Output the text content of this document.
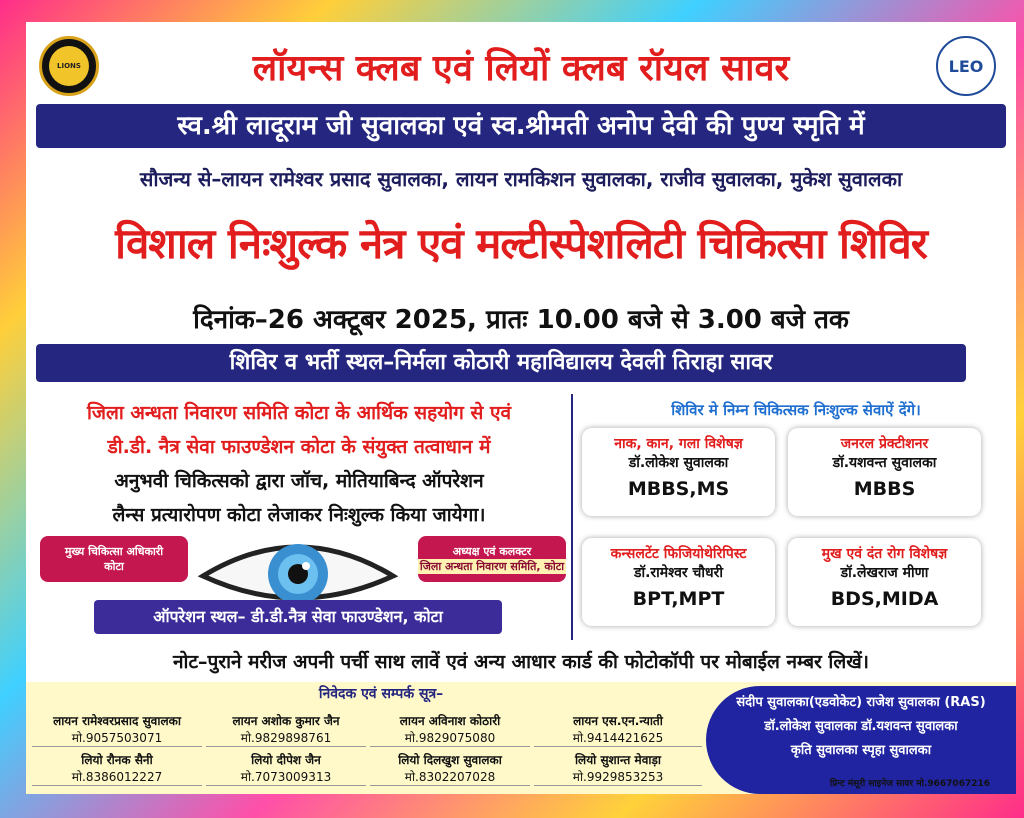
LIONS	लॉयन्स क्लब एवं लियों क्लब रॉयल सावर	LEO
स्व.श्री लादूराम जी सुवालका एवं स्व.श्रीमती अनोप देवी की पुण्य स्मृति में
सौजन्य से–लायन रामेश्वर प्रसाद सुवालका, लायन रामकिशन सुवालका, राजीव सुवालका, मुकेश सुवालका
विशाल निःशुल्क नेत्र एवं मल्टीस्पेशलिटी चिकित्सा शिविर
दिनांक–26 अक्टूबर 2025, प्रातः 10.00 बजे से 3.00 बजे तक
शिविर व भर्ती स्थल–निर्मला कोठारी महाविद्यालय देवली तिराहा सावर
जिला अन्धता निवारण समिति कोटा के आर्थिक सहयोग से एवं
डी.डी. नैत्र सेवा फाउण्डेशन कोटा के संयुक्त तत्वाधान में
अनुभवी चिकित्सको द्वारा जॉच, मोतियाबिन्द ऑपरेशन
लैन्स प्रत्यारोपण कोटा लेजाकर निःशुल्क किया जायेगा।
मुख्य चिकित्सा अधिकारी
कोटा
अध्यक्ष एवं कलक्टर
जिला अन्धता निवारण समिति, कोटा
ऑपरेशन स्थल– डी.डी.नैत्र सेवा फाउण्डेशन, कोटा
शिविर मे निम्न चिकित्सक निःशुल्क सेवाऐं देंगे।
नाक, कान, गला विशेषज्ञ
डॉ.लोकेश सुवालका
MBBS,MS
जनरल प्रेक्टीशनर
डॉ.यशवन्त सुवालका
MBBS
कन्सलटेंट फिजियोथेरिपिस्ट
डॉ.रामेश्वर चौधरी
BPT,MPT
मुख एवं दंत रोग विशेषज्ञ
डॉ.लेखराज मीणा
BDS,MIDA
नोट–पुराने मरीज अपनी पर्ची साथ लावें एवं अन्य आधार कार्ड की फोटोकॉपी पर मोबाईल नम्बर लिखें।
निवेदक एवं सम्पर्क सूत्र–
लायन रामेश्वरप्रसाद सुवालका
मो.9057503071
लियो रौनक सैनी
मो.8386012227
लायन अशोक कुमार जैन
मो.9829898761
लियो दीपेश जैन
मो.7073009313
लायन अविनाश कोठारी
मो.9829075080
लियो दिलखुश सुवालका
मो.8302207028
लायन एस.एन.न्याती
मो.9414421625
लियो सुशान्त मेवाड़ा
मो.9929853253
संदीप सुवालका(एडवोकेट) राजेश सुवालका (RAS)
डॉ.लोकेश सुवालका डॉ.यशवन्त सुवालका
कृति सुवालका स्पृहा सुवालका
प्रिन्ट मंसूरी साइनेज सावर मो.9667067216
